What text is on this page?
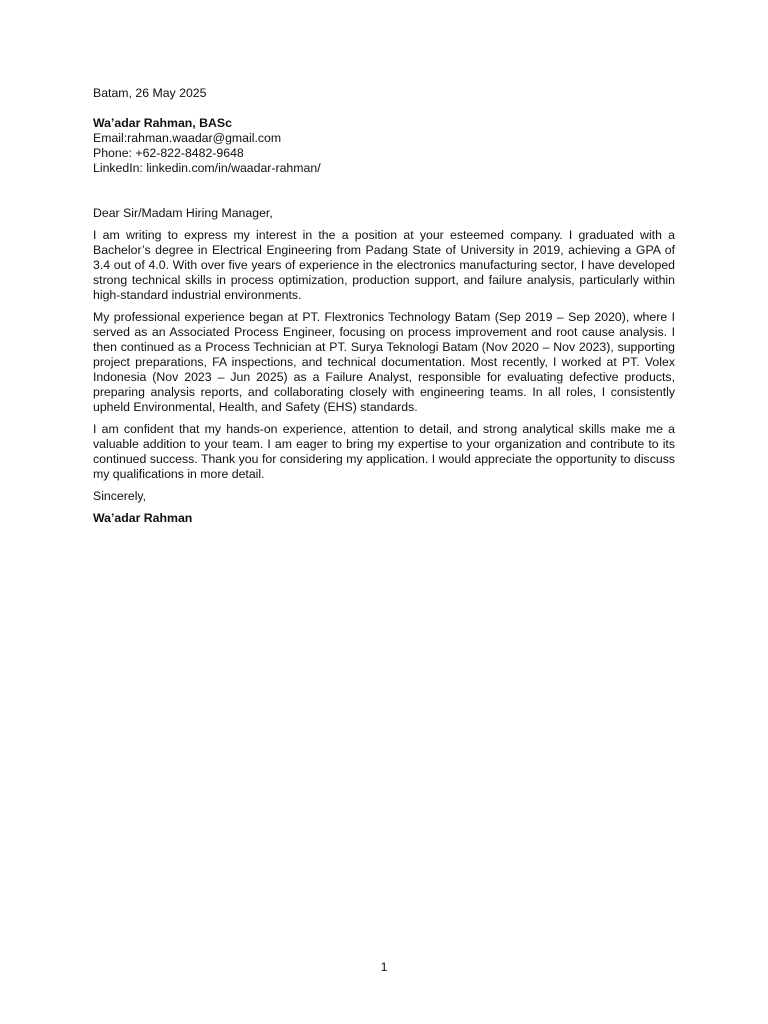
Batam, 26 May 2025

Wa’adar Rahman, BASc

Email:rahman.waadar@gmail.com

Phone: +62-822-8482-9648

LinkedIn: linkedin.com/in/waadar-rahman/

Dear Sir/Madam Hiring Manager,

I am writing to express my interest in the a position at your esteemed company. I graduated with a Bachelor’s degree in Electrical Engineering from Padang State of University in 2019, achieving a GPA of 3.4 out of 4.0. With over five years of experience in the electronics manufacturing sector, I have developed strong technical skills in process optimization, production support, and failure analysis, particularly within high-standard industrial environments.

My professional experience began at PT. Flextronics Technology Batam (Sep 2019 – Sep 2020), where I served as an Associated Process Engineer, focusing on process improvement and root cause analysis. I then continued as a Process Technician at PT. Surya Teknologi Batam (Nov 2020 – Nov 2023), supporting project preparations, FA inspections, and technical documentation. Most recently, I worked at PT. Volex Indonesia (Nov 2023 – Jun 2025) as a Failure Analyst, responsible for evaluating defective products, preparing analysis reports, and collaborating closely with engineering teams. In all roles, I consistently upheld Environmental, Health, and Safety (EHS) standards.

I am confident that my hands-on experience, attention to detail, and strong analytical skills make me a valuable addition to your team. I am eager to bring my expertise to your organization and contribute to its continued success. Thank you for considering my application. I would appreciate the opportunity to discuss my qualifications in more detail.

Sincerely,

Wa’adar Rahman

1
